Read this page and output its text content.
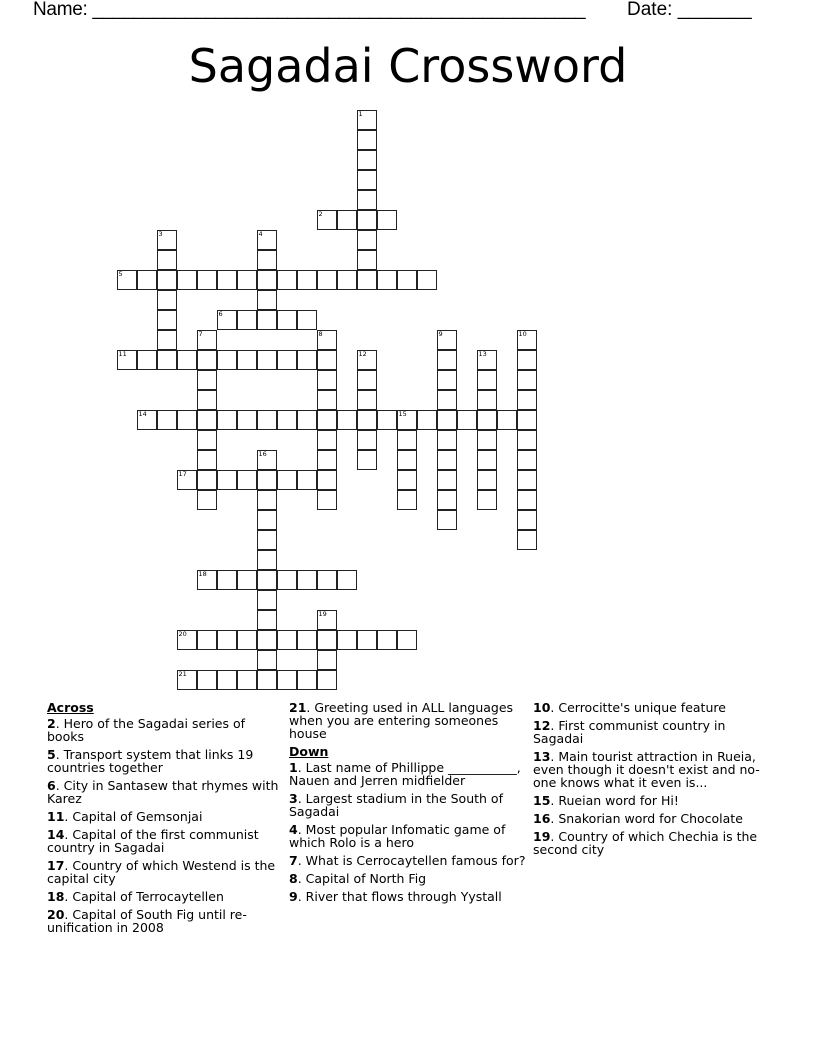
Name: ________________________________________________ Date: _______
Sagadai Crossword
1
2
3	4
5
6
7	8	9	10
11	12	13
14	15
16
17
18
19
20
21
Across
2. Hero of the Sagadai series of books
5. Transport system that links 19 countries together
6. City in Santasew that rhymes with Karez
11. Capital of Gemsonjai
14. Capital of the first communist country in Sagadai
17. Country of which Westend is the capital city
18. Capital of Terrocaytellen
20. Capital of South Fig until re-unification in 2008
21. Greeting used in ALL languages when you are entering someones house
Down
1. Last name of Phillippe ___________, Nauen and Jerren midfielder
3. Largest stadium in the South of Sagadai
4. Most popular Infomatic game of which Rolo is a hero
7. What is Cerrocaytellen famous for?
8. Capital of North Fig
9. River that flows through Yystall
10. Cerrocitte's unique feature
12. First communist country in Sagadai
13. Main tourist attraction in Rueia, even though it doesn't exist and no-one knows what it even is...
15. Rueian word for Hi!
16. Snakorian word for Chocolate
19. Country of which Chechia is the second city
